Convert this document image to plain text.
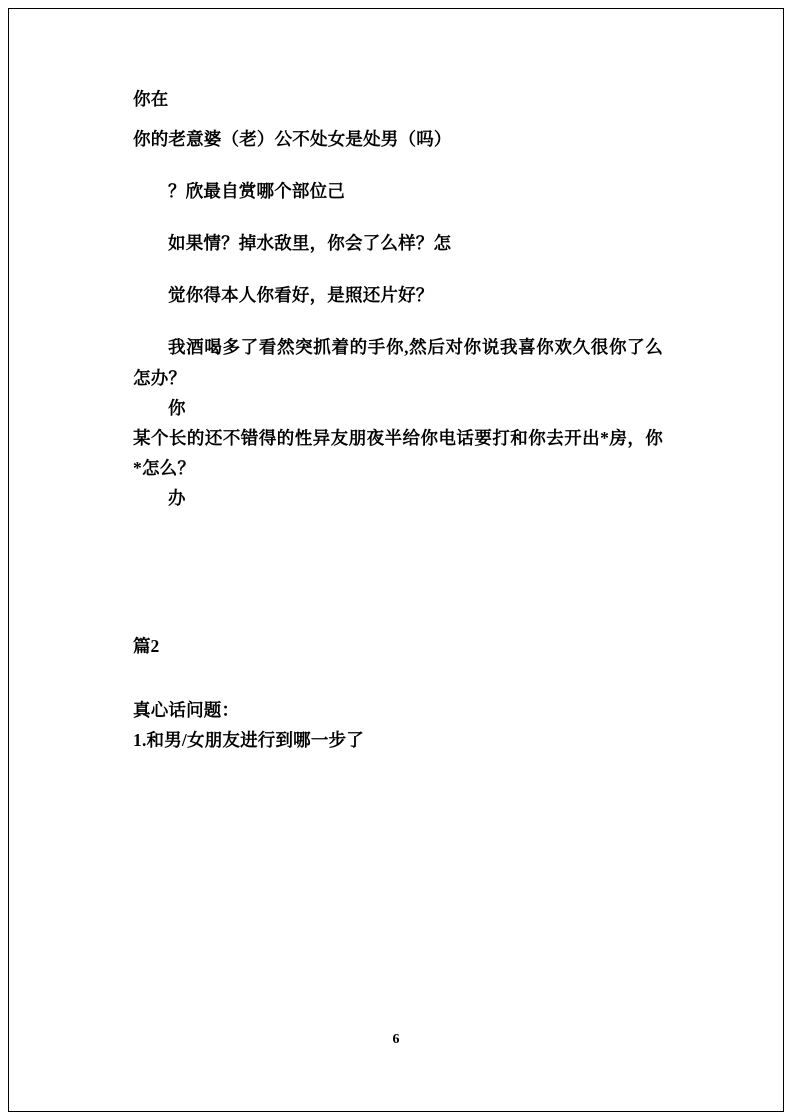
你在

你的老意婆（老）公不处女是处男（吗）

？欣最自赏哪个部位己

如果情？掉水敌里，你会了么样？怎

觉你得本人你看好，是照还片好？

我酒喝多了看然突抓着的手你,然后对你说我喜你欢久很你了么怎办？

你

某个长的还不错得的性异友朋夜半给你电话要打和你去开出*房，你*怎么？

办

篇2

真心话问题：

1.和男/女朋友进行到哪一步了

6
